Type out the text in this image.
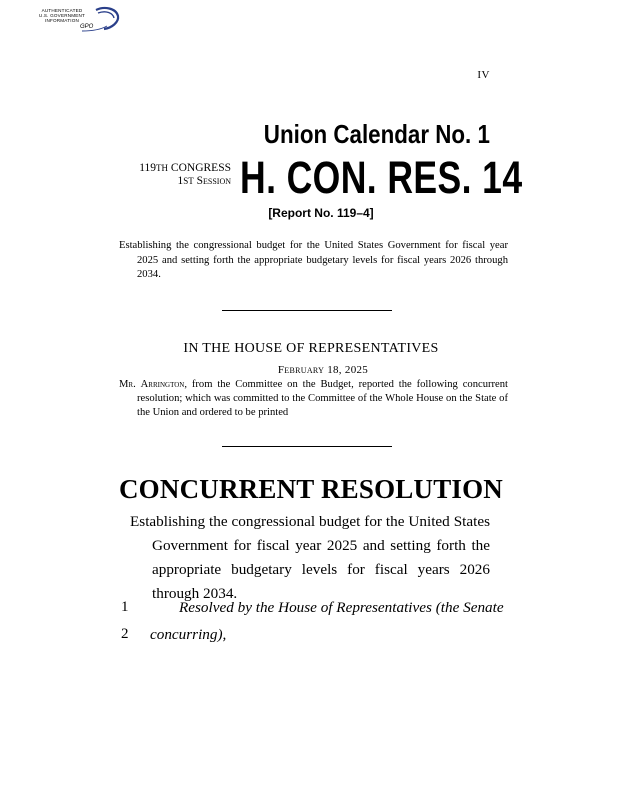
AUTHENTICATED
U.S. GOVERNMENT
INFORMATION
GPO
IV
Union Calendar No. 1
119TH CONGRESS
1ST Session H. CON. RES. 14
[Report No. 119–4]
Establishing the congressional budget for the United States Government for fiscal year 2025 and setting forth the appropriate budgetary levels for fiscal years 2026 through 2034.
IN THE HOUSE OF REPRESENTATIVES
February 18, 2025
Mr. Arrington, from the Committee on the Budget, reported the following concurrent resolution; which was committed to the Committee of the Whole House on the State of the Union and ordered to be printed
CONCURRENT RESOLUTION
Establishing the congressional budget for the United States Government for fiscal year 2025 and setting forth the appropriate budgetary levels for fiscal years 2026 through 2034.
1	Resolved by the House of Representatives (the Senate
2 concurring),
